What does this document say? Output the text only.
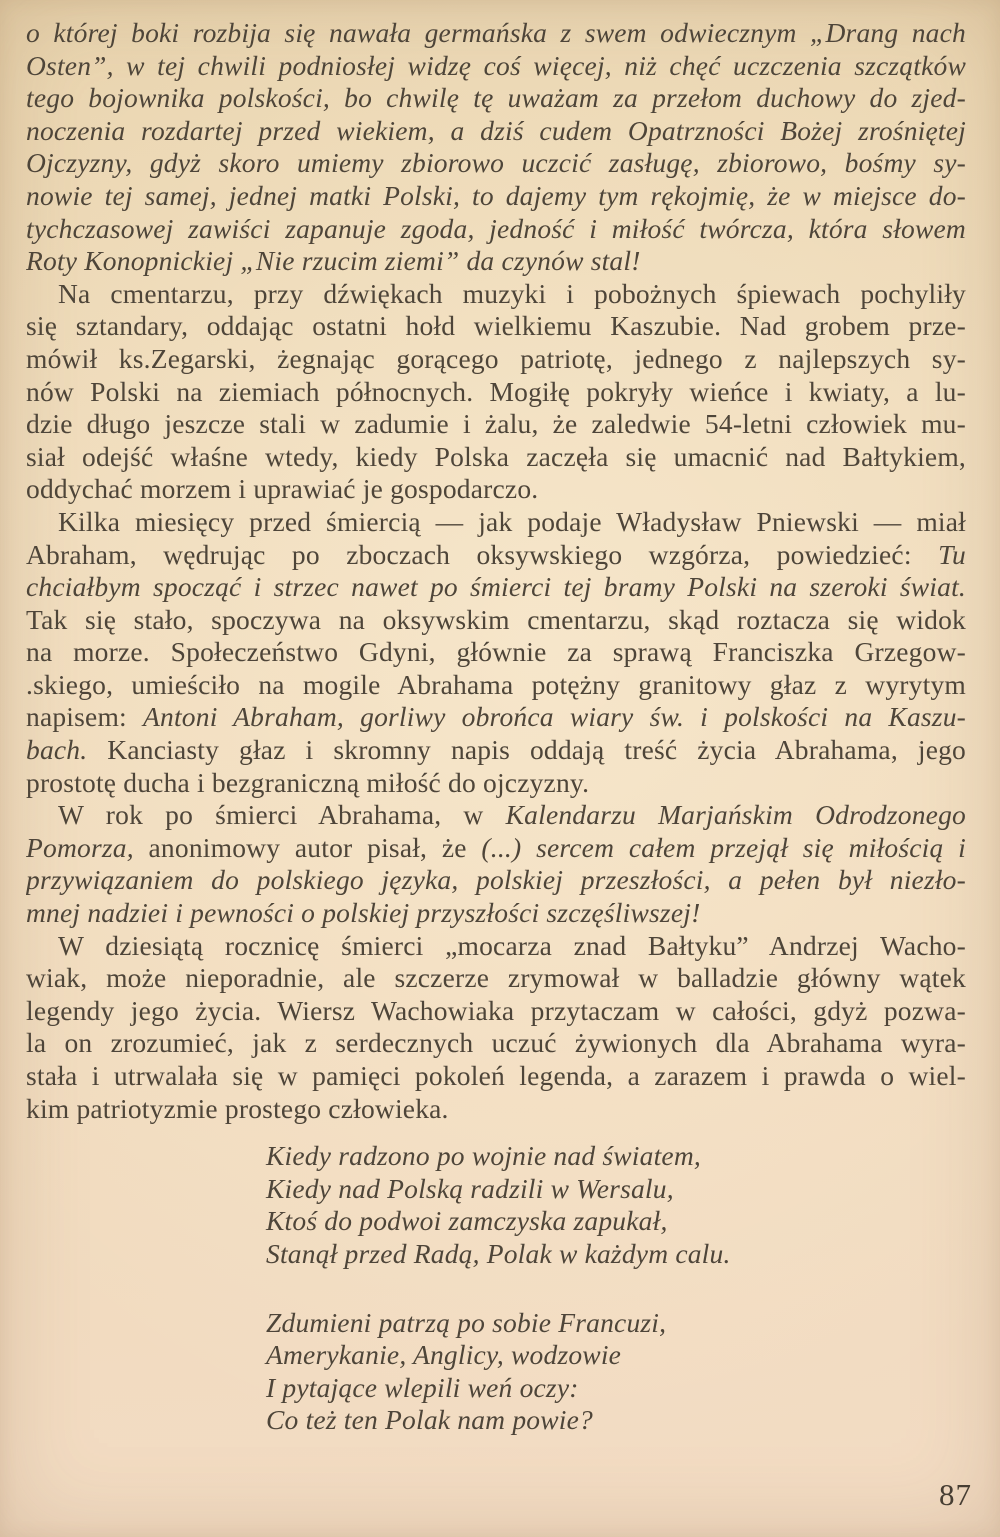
o której boki rozbija się nawała germańska z swem odwiecznym „Drang nach
Osten”, w tej chwili podniosłej widzę coś więcej, niż chęć uczczenia szczątków
tego bojownika polskości, bo chwilę tę uważam za przełom duchowy do zjed-
noczenia rozdartej przed wiekiem, a dziś cudem Opatrzności Bożej zrośniętej
Ojczyzny, gdyż skoro umiemy zbiorowo uczcić zasługę, zbiorowo, bośmy sy-
nowie tej samej, jednej matki Polski, to dajemy tym rękojmię, że w miejsce do-
tychczasowej zawiści zapanuje zgoda, jedność i miłość twórcza, która słowem
Roty Konopnickiej „Nie rzucim ziemi” da czynów stal!
Na cmentarzu, przy dźwiękach muzyki i pobożnych śpiewach pochyliły
się sztandary, oddając ostatni hołd wielkiemu Kaszubie. Nad grobem prze-
mówił ks.Zegarski, żegnając gorącego patriotę, jednego z najlepszych sy-
nów Polski na ziemiach północnych. Mogiłę pokryły wieńce i kwiaty, a lu-
dzie długo jeszcze stali w zadumie i żalu, że zaledwie 54-letni człowiek mu-
siał odejść właśne wtedy, kiedy Polska zaczęła się umacnić nad Bałtykiem,
oddychać morzem i uprawiać je gospodarczo.
Kilka miesięcy przed śmiercią — jak podaje Władysław Pniewski — miał
Abraham, wędrując po zboczach oksywskiego wzgórza, powiedzieć: Tu
chciałbym spocząć i strzec nawet po śmierci tej bramy Polski na szeroki świat.
Tak się stało, spoczywa na oksywskim cmentarzu, skąd roztacza się widok
na morze. Społeczeństwo Gdyni, głównie za sprawą Franciszka Grzegow-
.skiego, umieściło na mogile Abrahama potężny granitowy głaz z wyrytym
napisem: Antoni Abraham, gorliwy obrońca wiary św. i polskości na Kaszu-
bach. Kanciasty głaz i skromny napis oddają treść życia Abrahama, jego
prostotę ducha i bezgraniczną miłość do ojczyzny.
W rok po śmierci Abrahama, w Kalendarzu Marjańskim Odrodzonego
Pomorza, anonimowy autor pisał, że (...) sercem całem przejął się miłością i
przywiązaniem do polskiego języka, polskiej przeszłości, a pełen był niezło-
mnej nadziei i pewności o polskiej przyszłości szczęśliwszej!
W dziesiątą rocznicę śmierci „mocarza znad Bałtyku” Andrzej Wacho-
wiak, może nieporadnie, ale szczerze zrymował w balladzie główny wątek
legendy jego życia. Wiersz Wachowiaka przytaczam w całości, gdyż pozwa-
la on zrozumieć, jak z serdecznych uczuć żywionych dla Abrahama wyra-
stała i utrwalała się w pamięci pokoleń legenda, a zarazem i prawda o wiel-
kim patriotyzmie prostego człowieka.
Kiedy radzono po wojnie nad światem,
Kiedy nad Polską radzili w Wersalu,
Ktoś do podwoi zamczyska zapukał,
Stanął przed Radą, Polak w każdym calu.
Zdumieni patrzą po sobie Francuzi,
Amerykanie, Anglicy, wodzowie
I pytające wlepili weń oczy:
Co też ten Polak nam powie?
87
